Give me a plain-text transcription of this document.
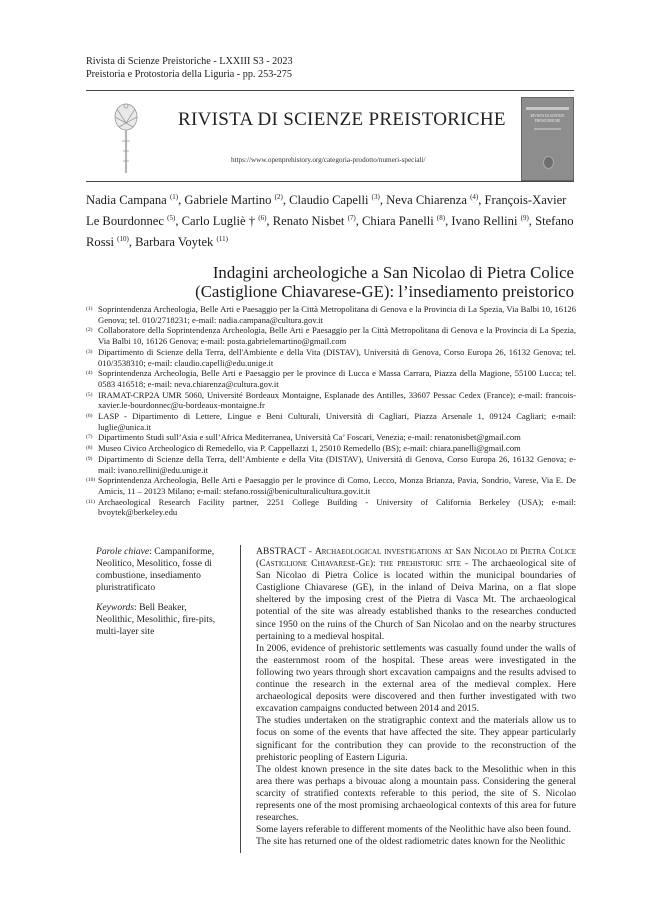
Rivista di Scienze Preistoriche - LXXIII S3 - 2023
Preistoria e Protostoria della Liguria - pp. 253-275
RIVISTA DI SCIENZE PREISTORICHE
https://www.openprehistory.org/categoria-prodotto/numeri-speciali/
RIVISTA DI SCIENZE PREISTORICHE
Nadia Campana $^{(1)}$, Gabriele Martino $^{(2)}$, Claudio Capelli $^{(3)}$, Neva Chiarenza $^{(4)}$, François-Xavier Le Bourdonnec $^{(5)}$, Carlo Lugliè † $^{(6)}$, Renato Nisbet $^{(7)}$, Chiara Panelli $^{(8)}$, Ivano Rellini $^{(9)}$, Stefano Rossi $^{(10)}$, Barbara Voytek $^{(11)}$
Indagini archeologiche a San Nicolao di Pietra Colice
(Castiglione Chiavarese-GE): l’insediamento preistorico
(1) Soprintendenza Archeologia, Belle Arti e Paesaggio per la Città Metropolitana di Genova e la Provincia di La Spezia, Via Balbi 10, 16126 Genova; tel. 010/2718231; e-mail: nadia.campana@cultura.gov.it
(2) Collaboratore della Soprintendenza Archeologia, Belle Arti e Paesaggio per la Città Metropolitana di Genova e la Provincia di La Spezia, Via Balbi 10, 16126 Genova; e-mail: posta.gabrielemartino@gmail.com
(3) Dipartimento di Scienze della Terra, dell'Ambiente e della Vita (DISTAV), Università di Genova, Corso Europa 26, 16132 Genova; tel. 010/3538310; e-mail: claudio.capelli@edu.unige.it
(4) Soprintendenza Archeologia, Belle Arti e Paesaggio per le province di Lucca e Massa Carrara, Piazza della Magione, 55100 Lucca; tel. 0583 416518; e-mail: neva.chiarenza@cultura.gov.it
(5) IRAMAT-CRP2A UMR 5060, Université Bordeaux Montaigne, Esplanade des Antilles, 33607 Pessac Cedex (France); e-mail: francois-xavier.le-bourdonnec@u-bordeaux-montaigne.fr
(6) LASP - Dipartimento di Lettere, Lingue e Beni Culturali, Università di Cagliari, Piazza Arsenale 1, 09124 Cagliari; e-mail: luglie@unica.it
(7) Dipartimento Studi sull’Asia e sull’Africa Mediterranea, Università Ca’ Foscari, Venezia; e-mail: renatonisbet@gmail.com
(8) Museo Civico Archeologico di Remedello, via P. Cappellazzi 1, 25010 Remedello (BS); e-mail: chiara.panelli@gmail.com
(9) Dipartimento di Scienze della Terra, dell’Ambiente e della Vita (DISTAV), Università di Genova, Corso Europa 26, 16132 Genova; e-mail: ivano.rellini@edu.unige.it
(10) Soprintendenza Archeologia, Belle Arti e Paesaggio per le province di Como, Lecco, Monza Brianza, Pavia, Sondrio, Varese, Via E. De Amicis, 11 – 20123 Milano; e-mail: stefano.rossi@beniculturaliculturа.gov.it.it
(11) Archaeological Research Facility partner, 2251 College Building - University of California Berkeley (USA); e-mail: bvoytek@berkeley.edu

Parole chiave: Campaniforme, Neolitico, Mesolitico, fosse di combustione, insediamento pluristratificato

Keywords: Bell Beaker, Neolithic, Mesolithic, fire-pits, multi-layer site

ABSTRACT - Archaeological investigations at San Nicolao di Pietra Colice (Castiglione Chiavarese-Ge): the prehistoric site - The archaeological site of San Nicolao di Pietra Colice is located within the municipal boundaries of Castiglione Chiavarese (GE), in the inland of Deiva Marina, on a flat slope sheltered by the imposing crest of the Pietra di Vasca Mt. The archaeological potential of the site was already established thanks to the researches conducted since 1950 on the ruins of the Church of San Nicolao and on the nearby structures pertaining to a medieval hospital.

In 2006, evidence of prehistoric settlements was casually found under the walls of the easternmost room of the hospital. These areas were investigated in the following two years through short excavation campaigns and the results advised to continue the research in the external area of the medieval complex. Here archaeological deposits were discovered and then further investigated with two excavation campaigns conducted between 2014 and 2015.

The studies undertaken on the stratigraphic context and the materials allow us to focus on some of the events that have affected the site. They appear particularly significant for the contribution they can provide to the reconstruction of the prehistoric peopling of Eastern Liguria.

The oldest known presence in the site dates back to the Mesolithic when in this area there was perhaps a bivouac along a mountain pass. Considering the general scarcity of stratified contexts referable to this period, the site of S. Nicolao represents one of the most promising archaeological contexts of this area for future researches.

Some layers referable to different moments of the Neolithic have also been found.

The site has returned one of the oldest radiometric dates known for the Neolithic
